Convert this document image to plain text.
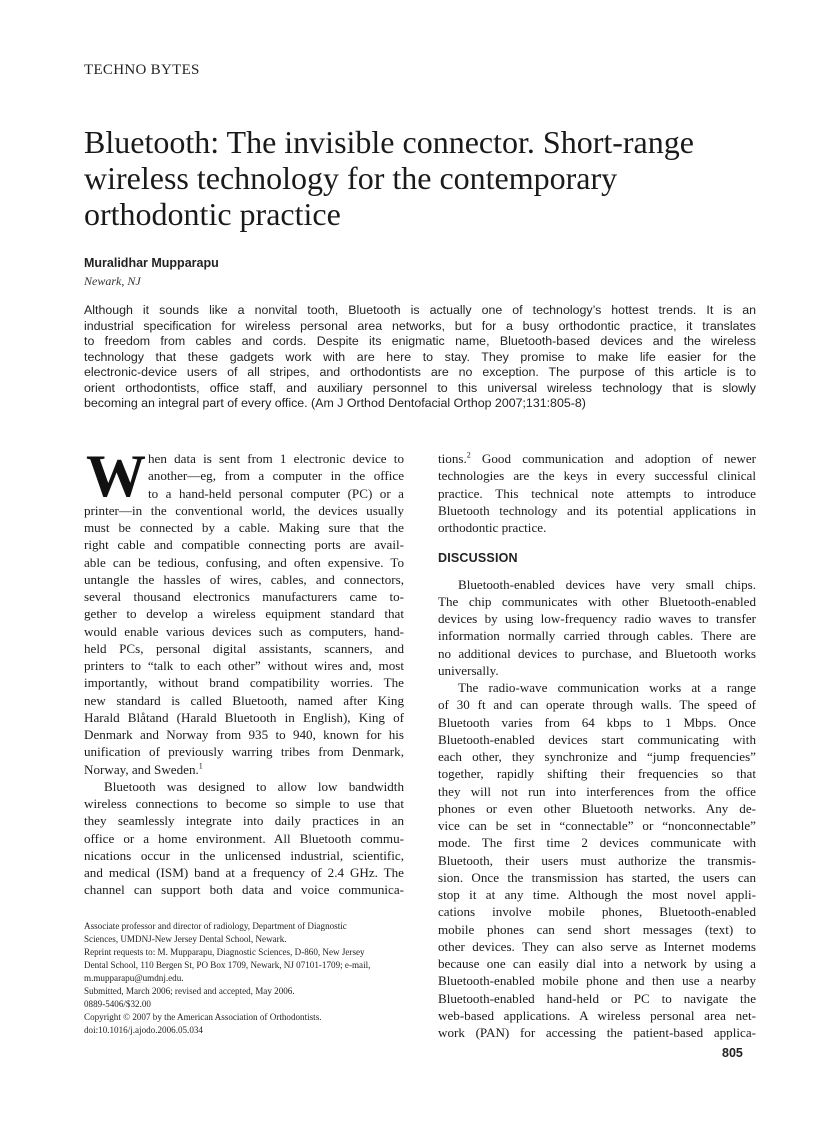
TECHNO BYTES
Bluetooth: The invisible connector. Short-range
wireless technology for the contemporary
orthodontic practice
Muralidhar Mupparapu
Newark, NJ
Although it sounds like a nonvital tooth, Bluetooth is actually one of technology’s hottest trends. It is an
industrial specification for wireless personal area networks, but for a busy orthodontic practice, it translates
to freedom from cables and cords. Despite its enigmatic name, Bluetooth-based devices and the wireless
technology that these gadgets work with are here to stay. They promise to make life easier for the
electronic-device users of all stripes, and orthodontists are no exception. The purpose of this article is to
orient orthodontists, office staff, and auxiliary personnel to this universal wireless technology that is slowly
becoming an integral part of every office. (Am J Orthod Dentofacial Orthop 2007;131:805-8)
W hen data is sent from 1 electronic device to
another—eg, from a computer in the office
to a hand-held personal computer (PC) or a
printer—in the conventional world, the devices usually
must be connected by a cable. Making sure that the
right cable and compatible connecting ports are avail-
able can be tedious, confusing, and often expensive. To
untangle the hassles of wires, cables, and connectors,
several thousand electronics manufacturers came to-
gether to develop a wireless equipment standard that
would enable various devices such as computers, hand-
held PCs, personal digital assistants, scanners, and
printers to “talk to each other” without wires and, most
importantly, without brand compatibility worries. The
new standard is called Bluetooth, named after King
Harald Blåtand (Harald Bluetooth in English), King of
Denmark and Norway from 935 to 940, known for his
unification of previously warring tribes from Denmark,
Norway, and Sweden.$^1$
Bluetooth was designed to allow low bandwidth
wireless connections to become so simple to use that
they seamlessly integrate into daily practices in an
office or a home environment. All Bluetooth commu-
nications occur in the unlicensed industrial, scientific,
and medical (ISM) band at a frequency of 2.4 GHz. The
channel can support both data and voice communica-
Associate professor and director of radiology, Department of Diagnostic
Sciences, UMDNJ-New Jersey Dental School, Newark.
Reprint requests to: M. Mupparapu, Diagnostic Sciences, D-860, New Jersey
Dental School, 110 Bergen St, PO Box 1709, Newark, NJ 07101-1709; e-mail,
m.mupparapu@umdnj.edu.
Submitted, March 2006; revised and accepted, May 2006.
0889-5406/$32.00
Copyright © 2007 by the American Association of Orthodontists.
doi:10.1016/j.ajodo.2006.05.034
tions.$^2$ Good communication and adoption of newer
technologies are the keys in every successful clinical
practice. This technical note attempts to introduce
Bluetooth technology and its potential applications in
orthodontic practice.
DISCUSSION
Bluetooth-enabled devices have very small chips.
The chip communicates with other Bluetooth-enabled
devices by using low-frequency radio waves to transfer
information normally carried through cables. There are
no additional devices to purchase, and Bluetooth works
universally.
The radio-wave communication works at a range
of 30 ft and can operate through walls. The speed of
Bluetooth varies from 64 kbps to 1 Mbps. Once
Bluetooth-enabled devices start communicating with
each other, they synchronize and “jump frequencies”
together, rapidly shifting their frequencies so that
they will not run into interferences from the office
phones or even other Bluetooth networks. Any de-
vice can be set in “connectable” or “nonconnectable”
mode. The first time 2 devices communicate with
Bluetooth, their users must authorize the transmis-
sion. Once the transmission has started, the users can
stop it at any time. Although the most novel appli-
cations involve mobile phones, Bluetooth-enabled
mobile phones can send short messages (text) to
other devices. They can also serve as Internet modems
because one can easily dial into a network by using a
Bluetooth-enabled mobile phone and then use a nearby
Bluetooth-enabled hand-held or PC to navigate the
web-based applications. A wireless personal area net-
work (PAN) for accessing the patient-based applica-
805
